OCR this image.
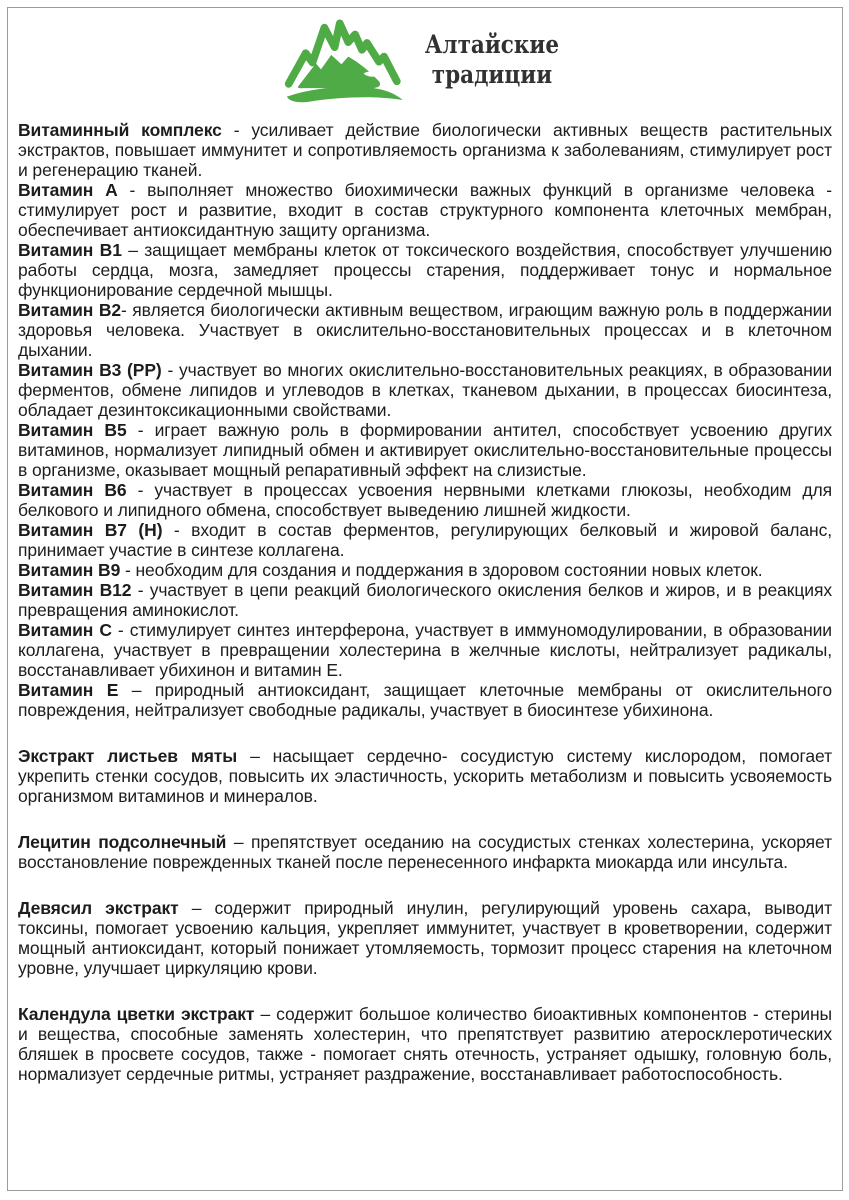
Алтайские
традиции

Витаминный комплекс - усиливает действие биологически активных веществ растительных экстрактов, повышает иммунитет и сопротивляемость организма к заболеваниям, стимулирует рост и регенерацию тканей.

Витамин А - выполняет множество биохимически важных функций в организме человека - стимулирует рост и развитие, входит в состав структурного компонента клеточных мембран, обеспечивает антиоксидантную защиту организма.

Витамин В1 – защищает мембраны клеток от токсического воздействия, способствует улучшению работы сердца, мозга, замедляет процессы старения, поддерживает тонус и нормальное функционирование сердечной мышцы.

Витамин В2- является биологически активным веществом, играющим важную роль в поддержании здоровья человека. Участвует в окислительно-восстановительных процессах и в клеточном дыхании.

Витамин В3 (РР) - участвует во многих окислительно-восстановительных реакциях, в образовании ферментов, обмене липидов и углеводов в клетках, тканевом дыхании, в процессах биосинтеза, обладает дезинтоксикационными свойствами.

Витамин В5 - играет важную роль в формировании антител, способствует усвоению других витаминов, нормализует липидный обмен и активирует окислительно-восстановительные процессы в организме, оказывает мощный репаративный эффект на слизистые.

Витамин В6 - участвует в процессах усвоения нервными клетками глюкозы, необходим для белкового и липидного обмена, способствует выведению лишней жидкости.

Витамин В7 (Н) - входит в состав ферментов, регулирующих белковый и жировой баланс, принимает участие в синтезе коллагена.

Витамин В9 - необходим для создания и поддержания в здоровом состоянии новых клеток.

Витамин В12 - участвует в цепи реакций биологического окисления белков и жиров, и в реакциях превращения аминокислот.

Витамин С - стимулирует синтез интерферона, участвует в иммуномодулировании, в образовании коллагена, участвует в превращении холестерина в желчные кислоты, нейтрализует радикалы, восстанавливает убихинон и витамин Е.

Витамин Е – природный антиоксидант, защищает клеточные мембраны от окислительного повреждения, нейтрализует свободные радикалы, участвует в биосинтезе убихинона.

Экстракт листьев мяты – насыщает сердечно- сосудистую систему кислородом, помогает укрепить стенки сосудов, повысить их эластичность, ускорить метаболизм и повысить усвояемость организмом витаминов и минералов.

Лецитин подсолнечный – препятствует оседанию на сосудистых стенках холестерина, ускоряет восстановление поврежденных тканей после перенесенного инфаркта миокарда или инсульта.

Девясил экстракт – содержит природный инулин, регулирующий уровень сахара, выводит токсины, помогает усвоению кальция, укрепляет иммунитет, участвует в кроветворении, содержит мощный антиоксидант, который понижает утомляемость, тормозит процесс старения на клеточном уровне, улучшает циркуляцию крови.

Календула цветки экстракт – содержит большое количество биоактивных компонентов - стерины и вещества, способные заменять холестерин, что препятствует развитию атеросклеротических бляшек в просвете сосудов, также - помогает снять отечность, устраняет одышку, головную боль, нормализует сердечные ритмы, устраняет раздражение, восстанавливает работоспособность.
